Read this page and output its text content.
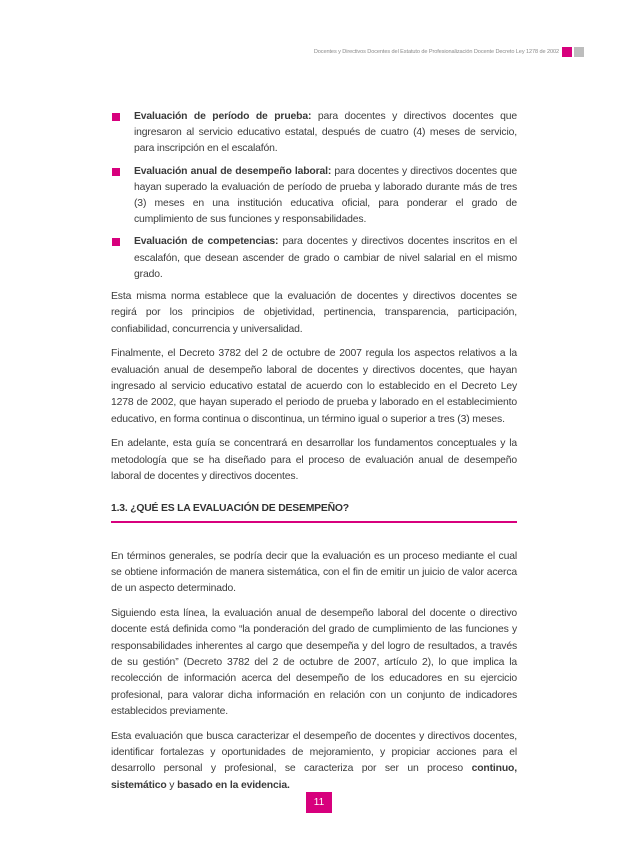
Docentes y Directivos Docentes del Estatuto de Profesionalización Docente Decreto Ley 1278 de 2002
Evaluación de período de prueba: para docentes y directivos docentes que ingresaron al servicio educativo estatal, después de cuatro (4) meses de servicio, para inscripción en el escalafón.
Evaluación anual de desempeño laboral: para docentes y directivos docentes que hayan superado la evaluación de período de prueba y laborado durante más de tres (3) meses en una institución educativa oficial, para ponderar el grado de cumplimiento de sus funciones y responsabilidades.
Evaluación de competencias: para docentes y directivos docentes inscritos en el escalafón, que desean ascender de grado o cambiar de nivel salarial en el mismo grado.

Esta misma norma establece que la evaluación de docentes y directivos docentes se regirá por los principios de objetividad, pertinencia, transparencia, participación, confiabilidad, concurrencia y universalidad.

Finalmente, el Decreto 3782 del 2 de octubre de 2007 regula los aspectos relativos a la evaluación anual de desempeño laboral de docentes y directivos docentes, que hayan ingresado al servicio educativo estatal de acuerdo con lo establecido en el Decreto Ley 1278 de 2002, que hayan superado el periodo de prueba y laborado en el establecimiento educativo, en forma continua o discontinua, un término igual o superior a tres (3) meses.

En adelante, esta guía se concentrará en desarrollar los fundamentos conceptuales y la metodología que se ha diseñado para el proceso de evaluación anual de desempeño laboral de docentes y directivos docentes.

1.3. ¿QUÉ ES LA EVALUACIÓN DE DESEMPEÑO?

En términos generales, se podría decir que la evaluación es un proceso mediante el cual se obtiene información de manera sistemática, con el fin de emitir un juicio de valor acerca de un aspecto determinado.

Siguiendo esta línea, la evaluación anual de desempeño laboral del docente o directivo docente está definida como “la ponderación del grado de cumplimiento de las funciones y responsabilidades inherentes al cargo que desempeña y del logro de resultados, a través de su gestión” (Decreto 3782 del 2 de octubre de 2007, artículo 2), lo que implica la recolección de información acerca del desempeño de los educadores en su ejercicio profesional, para valorar dicha información en relación con un conjunto de indicadores establecidos previamente.

Esta evaluación que busca caracterizar el desempeño de docentes y directivos docentes, identificar fortalezas y oportunidades de mejoramiento, y propiciar acciones para el desarrollo personal y profesional, se caracteriza por ser un proceso continuo, sistemático y basado en la evidencia.

11
